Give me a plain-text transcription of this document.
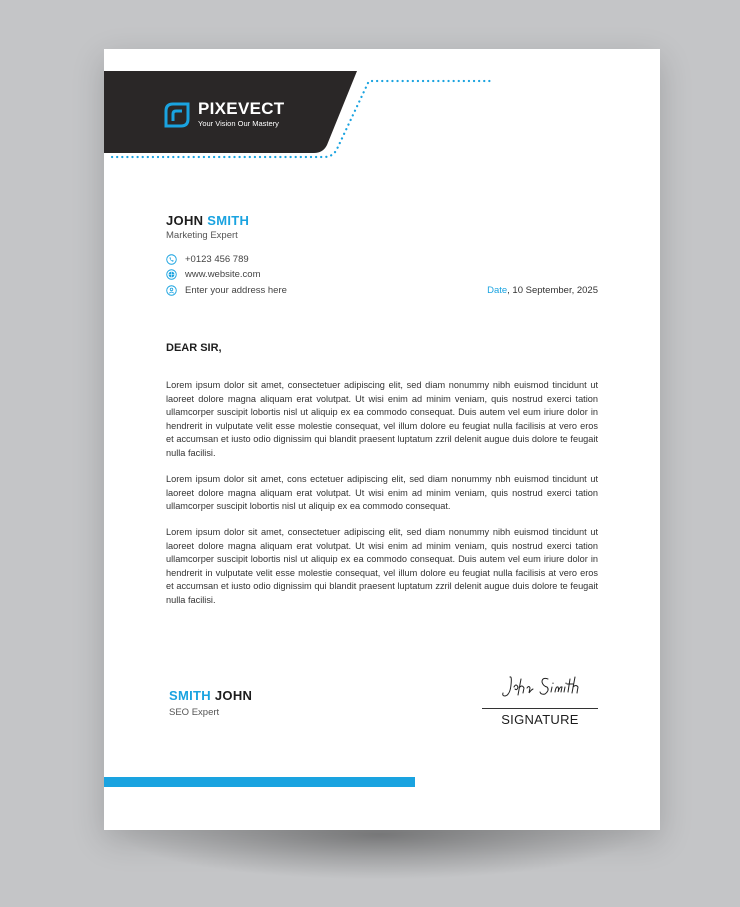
PIXEVECT
Your Vision Our Mastery
JOHN SMITH
Marketing Expert
+0123 456 789
www.website.com
Enter your address here	Date, 10 September, 2025
DEAR SIR,

Lorem ipsum dolor sit amet, consectetuer adipiscing elit, sed diam nonummy nibh euismod tincidunt ut laoreet dolore magna aliquam erat volutpat. Ut wisi enim ad minim veniam, quis nostrud exerci tation ullamcorper suscipit lobortis nisl ut aliquip ex ea commodo consequat. Duis autem vel eum iriure dolor in hendrerit in vulputate velit esse molestie consequat, vel illum dolore eu feugiat nulla facilisis at vero eros et accumsan et iusto odio dignissim qui blandit praesent luptatum zzril delenit augue duis dolore te feugait nulla facilisi.

Lorem ipsum dolor sit amet, cons ectetuer adipiscing elit, sed diam nonummy nbh euismod tincidunt ut laoreet dolore magna aliquam erat volutpat. Ut wisi enim ad minim veniam, quis nostrud exerci tation ullamcorper suscipit lobortis nisl ut aliquip ex ea commodo consequat.

Lorem ipsum dolor sit amet, consectetuer adipiscing elit, sed diam nonummy nibh euismod tincidunt ut laoreet dolore magna aliquam erat volutpat. Ut wisi enim ad minim veniam, quis nostrud exerci tation ullamcorper suscipit lobortis nisl ut aliquip ex ea commodo consequat. Duis autem vel eum iriure dolor in hendrerit in vulputate velit esse molestie consequat, vel illum dolore eu feugiat nulla facilisis at vero eros et accumsan et iusto odio dignissim qui blandit praesent luptatum zzril delenit augue duis dolore te feugait nulla facilisi.

SMITH JOHN
SEO Expert	SIGNATURE
